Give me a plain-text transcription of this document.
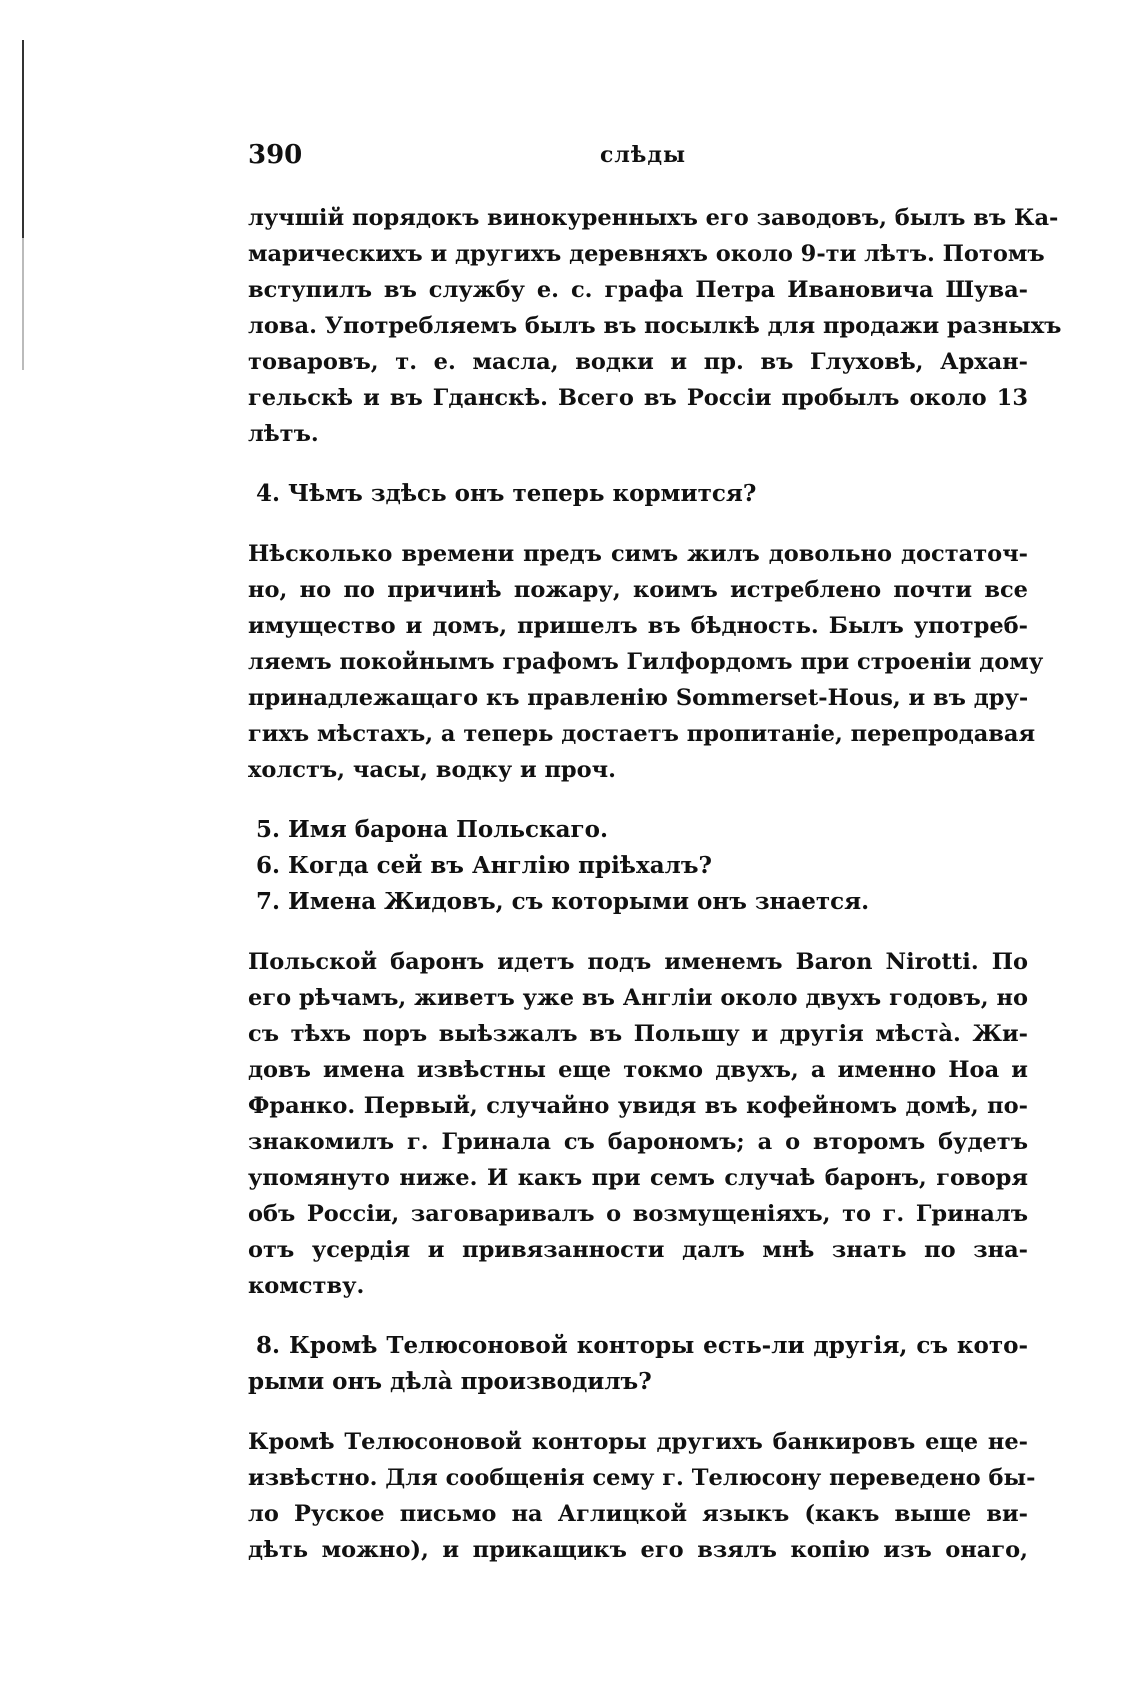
390	слѣды

лучшій порядокъ винокуренныхъ его заводовъ, былъ въ Ка-
марическихъ и другихъ деревняхъ около 9-ти лѣтъ. Потомъ
вступилъ въ службу е. с. графа Петра Ивановича Шува-
лова. Употребляемъ былъ въ посылкѣ для продажи разныхъ
товаровъ, т. е. масла, водки и пр. въ Глуховѣ, Архан-
гельскѣ и въ Гданскѣ. Всего въ Россіи пробылъ около 13
лѣтъ.

4. Чѣмъ здѣсь онъ теперь кормится?

Нѣсколько времени предъ симъ жилъ довольно достаточ-
но, но по причинѣ пожару, коимъ истреблено почти все
имущество и домъ, пришелъ въ бѣдность. Былъ употреб-
ляемъ покойнымъ графомъ Гилфордомъ при строеніи дому
принадлежащаго къ правленію Sommerset-Hous, и въ дру-
гихъ мѣстахъ, а теперь достаетъ пропитаніе, перепродавая
холстъ, часы, водку и проч.

5. Имя барона Польскаго.

6. Когда сей въ Англію пріѣхалъ?

7. Имена Жидовъ, съ которыми онъ знается.

Польской баронъ идетъ подъ именемъ Baron Nirotti. По
его рѣчамъ, живетъ уже въ Англіи около двухъ годовъ, но
съ тѣхъ поръ выѣзжалъ въ Польшу и другія мѣста̀. Жи-
довъ имена извѣстны еще токмо двухъ, а именно Ноа и
Франко. Первый, случайно увидя въ кофейномъ домѣ, по-
знакомилъ г. Гринала съ барономъ; а о второмъ будетъ
упомянуто ниже. И какъ при семъ случаѣ баронъ, говоря
объ Россіи, заговаривалъ о возмущеніяхъ, то г. Гриналъ
отъ усердія и привязанности далъ мнѣ знать по зна-
комству.

8. Кромѣ Телюсоновой конторы есть-ли другія, съ кото-
рыми онъ дѣла̀ производилъ?

Кромѣ Телюсоновой конторы другихъ банкировъ еще не-
извѣстно. Для сообщенія сему г. Телюсону переведено бы-
ло Руское письмо на Аглицкой языкъ (какъ выше ви-
дѣть можно), и прикащикъ его взялъ копію изъ онаго,
